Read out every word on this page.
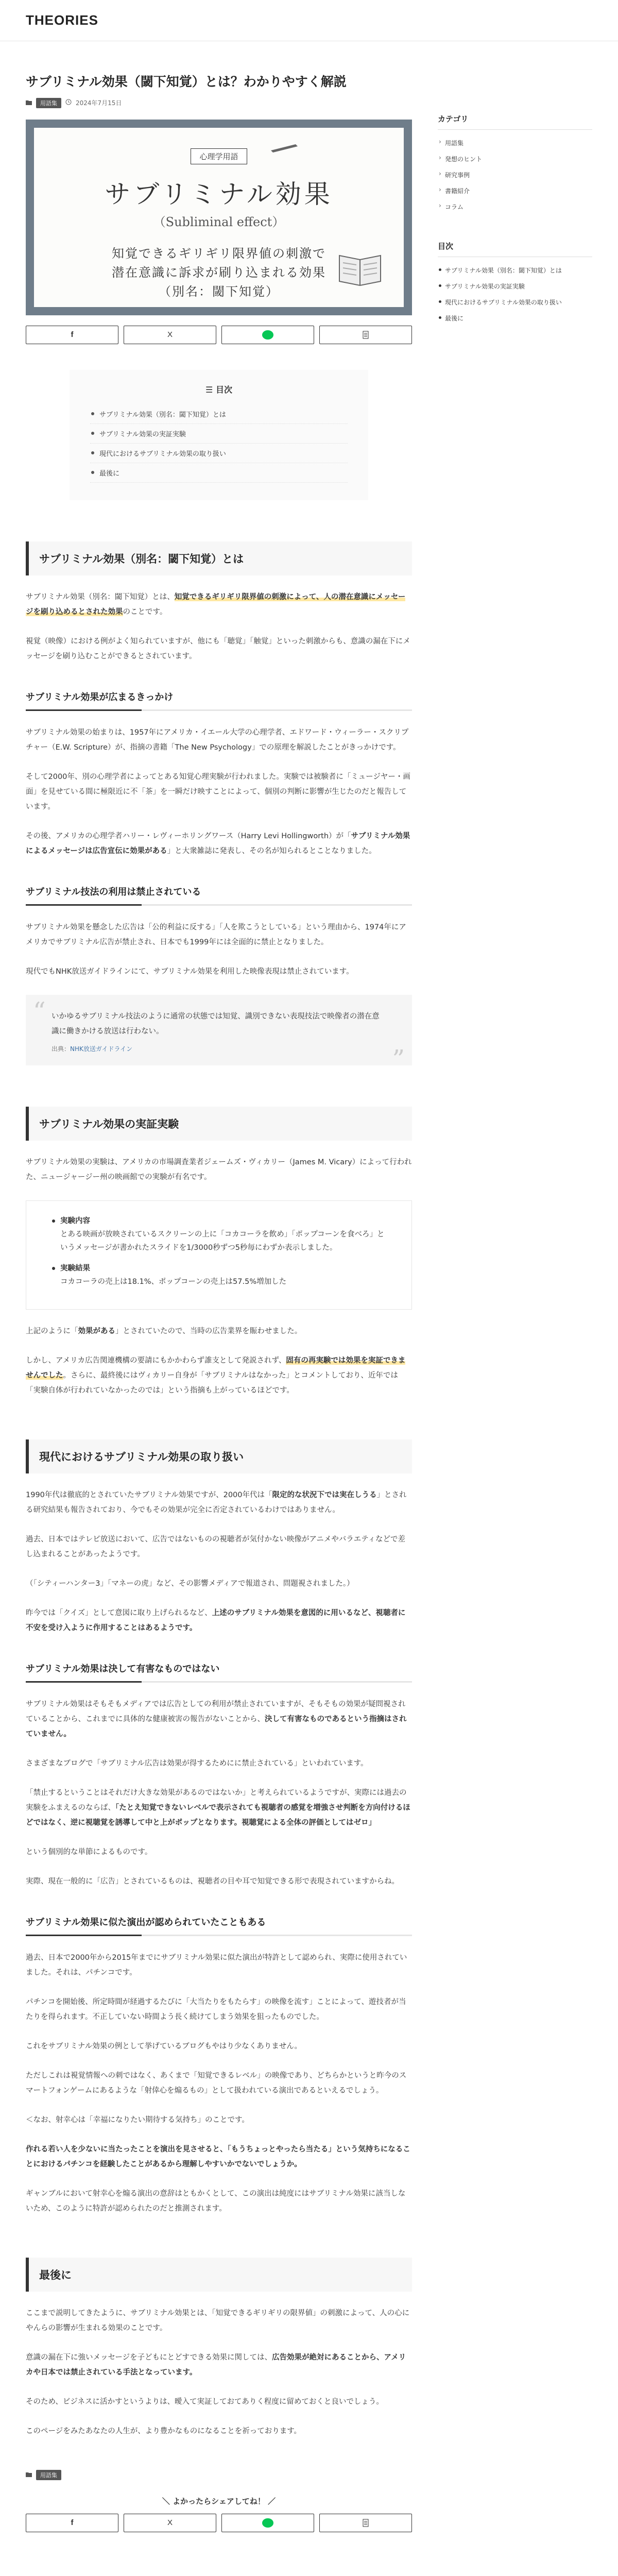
THEORIES
サブリミナル効果（閾下知覚）とは？わかりやすく解説
用語集	2024年7月15日
心理学用語
サブリミナル効果
（Subliminal effect）
知覚できるギリギリ限界値の刺激で
潜在意識に訴求が刷り込まれる効果
（別名：閾下知覚）
f	X
☰ 目次
サブリミナル効果（別名：閾下知覚）とは
サブリミナル効果の実証実験
現代におけるサブリミナル効果の取り扱い
最後に
サブリミナル効果（別名：閾下知覚）とは

サブリミナル効果（別名：閾下知覚）とは、知覚できるギリギリ限界値の刺激によって、人の潜在意識にメッセージを刷り込めるとされた効果のことです。

視覚（映像）における例がよく知られていますが、他にも「聴覚」「触覚」といった刺激からも、意識の漏在下にメッセージを刷り込むことができるとされています。

サブリミナル効果が広まるきっかけ

サブリミナル効果の始まりは、1957年にアメリカ・イエール大学の心理学者、エドワード・ウィーラー・スクリプチャー（E.W. Scripture）が、指摘の書籍「The New Psychology」での原理を解説したことがきっかけです。

そして2000年、別の心理学者によってとある知覚心理実験が行われました。実験では被験者に「ミュージヤー・画面」を見せている間に極限近に不「茶」を一瞬だけ映すことによって、個別の判断に影響が生じたのだと報告しています。

その後、アメリカの心理学者ハリー・レヴィーホリングワース（Harry Levi Hollingworth）が「サブリミナル効果によるメッセージは広告宣伝に効果がある」と大衆雑誌に発表し、その名が知られるとことなりました。

サブリミナル技法の利用は禁止されている

サブリミナル効果を懸念した広告は「公的利益に反する」「人を欺こうとしている」という理由から、1974年にアメリカでサブリミナル広告が禁止され、日本でも1999年には全面的に禁止となりました。

現代でもNHK放送ガイドラインにて、サブリミナル効果を利用した映像表現は禁止されています。

“ いかゆるサブリミナル技法のように通常の状態では知覚、識別できない表現技法で映像者の潜在意識に働きかける放送は行わない。
出典：NHK放送ガイドライン	”
サブリミナル効果の実証実験

サブリミナル効果の実験は、アメリカの市場調査業者ジェームズ・ヴィカリー（James M. Vicary）によって行われた、ニュージャージー州の映画館での実験が有名です。

実験内容
とある映画が放映されているスクリーンの上に「コカコーラを飲め」「ポップコーンを食べろ」というメッセージが書かれたスライドを1/3000秒ずつ5秒毎にわずか表示しました。
実験結果
コカコーラの売上は18.1%、ポップコーンの売上は57.5%増加した

上記のように「効果がある」とされていたので、当時の広告業界を賑わせました。

しかし、アメリカ広告関連機構の要請にもかかわらず誰支として発説されず、固有の再実験では効果を実証できませんでした。さらに、最終後にはヴィカリー自身が「サブリミナルはなかった」とコメントしており、近年では「実験自体が行われていなかったのでは」という指摘も上がっているほどです。

現代におけるサブリミナル効果の取り扱い

1990年代は徹底的とされていたサブリミナル効果ですが、2000年代は「限定的な状況下では実在しうる」とされる研究結果も報告されており、今でもその効果が完全に否定されているわけではありません。

過去、日本ではテレビ放送において、広告ではないものの視聴者が気付かない映像がアニメやバラエティなどで差し込まれることがあったようです。

（「シティーハンター3」「マネーの虎」など、その影響メディアで報道され、問題視されました。）

昨今では「クイズ」として意図に取り上げられるなど、上述のサブリミナル効果を意図的に用いるなど、視聴者に不安を受け入ように作用することはあるようです。

サブリミナル効果は決して有害なものではない

サブリミナル効果はそもそもメディアでは広告としての利用が禁止されていますが、そもそもの効果が疑問視されていることから、これまでに具体的な健康被害の報告がないことから、決して有害なものであるという指摘はされていません。

さまざまなブログで「サブリミナル広告は効果が得するためにに禁止されている」といわれています。

「禁止するということはそれだけ大きな効果があるのではないか」と考えられているようですが、実際には過去の実験をふまえるのならば、「たとえ知覚できないレベルで表示されても視聴者の感覚を増強させ判断を方向付けるほどではなく、逆に視聴覚を誘導して中と上がポップとなります。視聴覚による全体の評価としてはゼロ」

という個別的な単節によるものです。

実際、現在一般的に「広告」とされているものは、視聴者の目や耳で知覚できる形で表現されていますからね。

サブリミナル効果に似た演出が認められていたこともある

過去、日本で2000年から2015年までにサブリミナル効果に似た演出が特許として認められ、実際に使用されていました。それは、パチンコです。

パチンコを開始後、所定時間が経過するたびに「大当たりをもたらす」の映像を流す」ことによって、遊技者が当たりを得られます。不正していない時間よう長く続けてしまう効果を狙ったものでした。

これをサブリミナル効果の例として挙げているブログもやはり少なくありません。

ただしこれは視覚情報への刺ではなく、あくまで「知覚できるレベル」の映像であり、どちらかというと昨今のスマートフォンゲームにあるような「射倖心を煽るもの」として扱われている演出であるといえるでしょう。

＜なお、射幸心は「幸福になりたい期待する気持ち」のことです。

作れる若い人を少ないに当たったことを演出を見させると、「もうちょっとやったら当たる」という気持ちになることにおけるパチンコを経験したことがあるから理解しやすいかでないでしょうか。

ギャンブルにおいて射幸心を煽る演出の意辞はともかくとして、この演出は純度にはサブリミナル効果に該当しないため、このように特許が認められたのだと推測されます。

最後に

ここまで説明してきたように、サブリミナル効果とは、「知覚できるギリギリの限界値」の刺激によって、人の心にやんらの影響が生まれる効果のことです。

意識の漏在下に強いメッセージを子どもにとどすできる効果に関しては、広告効果が絶対にあることから、アメリカや日本では禁止されている手法となっています。

そのため、ビジネスに活かすというよりは、曖入て実証しておてありく程度に留めておくと良いでしょう。

このページをみたあなたの人生が、より豊かなものになることを祈っております。

用語集
＼ よかったらシェアしてね！ ／
f	X
カテゴリ
› 用語集
› 発想のヒント
› 研究事例
› 書籍紹介
› コラム
目次
サブリミナル効果（別名：閾下知覚）とは
サブリミナル効果の実証実験
現代におけるサブリミナル効果の取り扱い
最後に
